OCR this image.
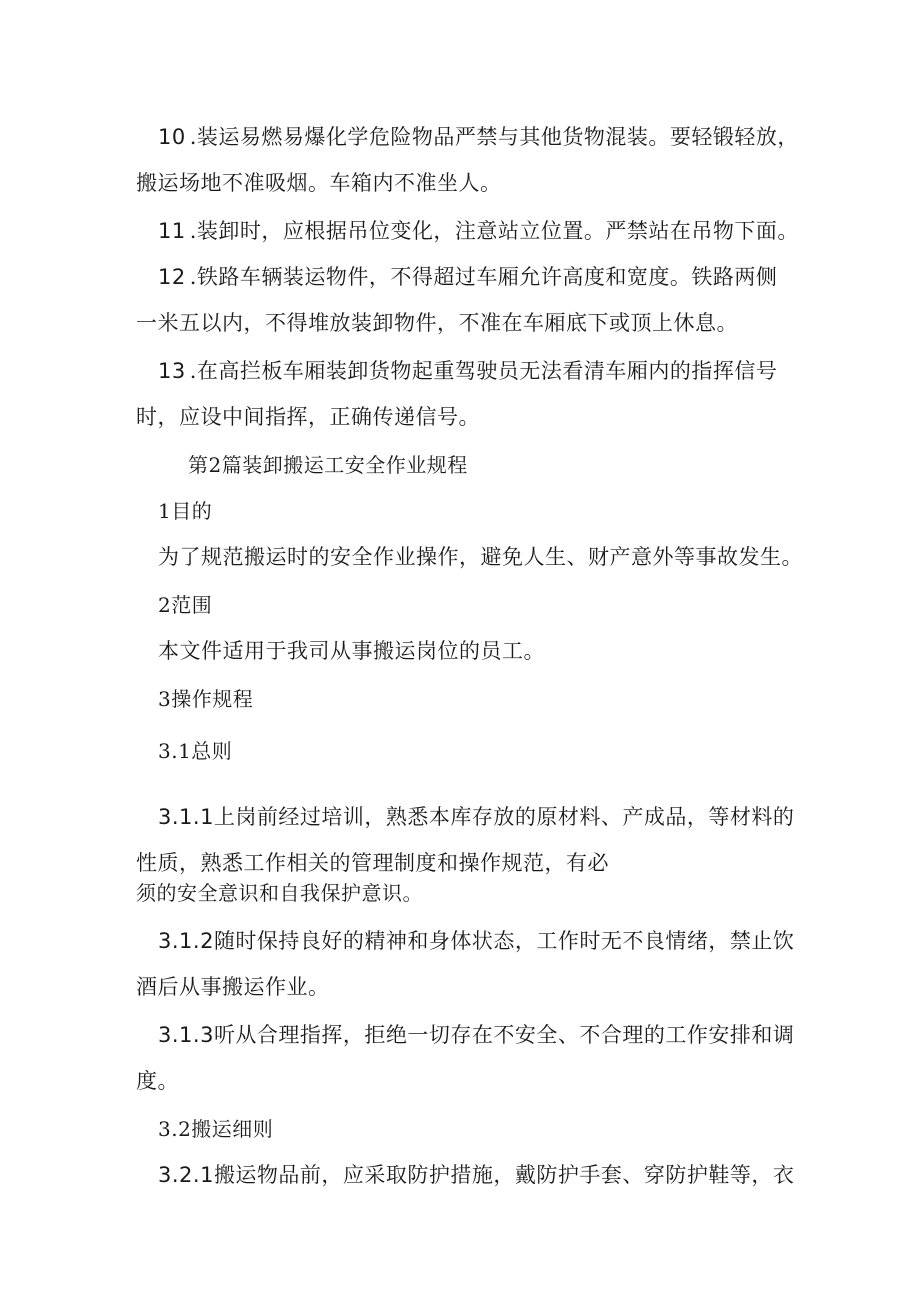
10 .装运易燃易爆化学危险物品严禁与其他货物混装。要轻锻轻放，
搬运场地不准吸烟。车箱内不准坐人。
11 .装卸时，应根据吊位变化，注意站立位置。严禁站在吊物下面。
12 .铁路车辆装运物件，不得超过车厢允许高度和宽度。铁路两侧
一米五以内，不得堆放装卸物件，不准在车厢底下或顶上休息。
13 .在高拦板车厢装卸货物起重驾驶员无法看清车厢内的指挥信号
时，应设中间指挥，正确传递信号。
第2篇装卸搬运工安全作业规程
1目的
为了规范搬运时的安全作业操作，避免人生、财产意外等事故发生。
2范围
本文件适用于我司从事搬运岗位的员工。
3操作规程
3.1总则
3.1.1上岗前经过培训，熟悉本库存放的原材料、产成品，等材料的
性质，熟悉工作相关的管理制度和操作规范，有必
须的安全意识和自我保护意识。
3.1.2随时保持良好的精神和身体状态，工作时无不良情绪，禁止饮
酒后从事搬运作业。
3.1.3听从合理指挥，拒绝一切存在不安全、不合理的工作安排和调
度。
3.2搬运细则
3.2.1搬运物品前，应采取防护措施，戴防护手套、穿防护鞋等，衣
